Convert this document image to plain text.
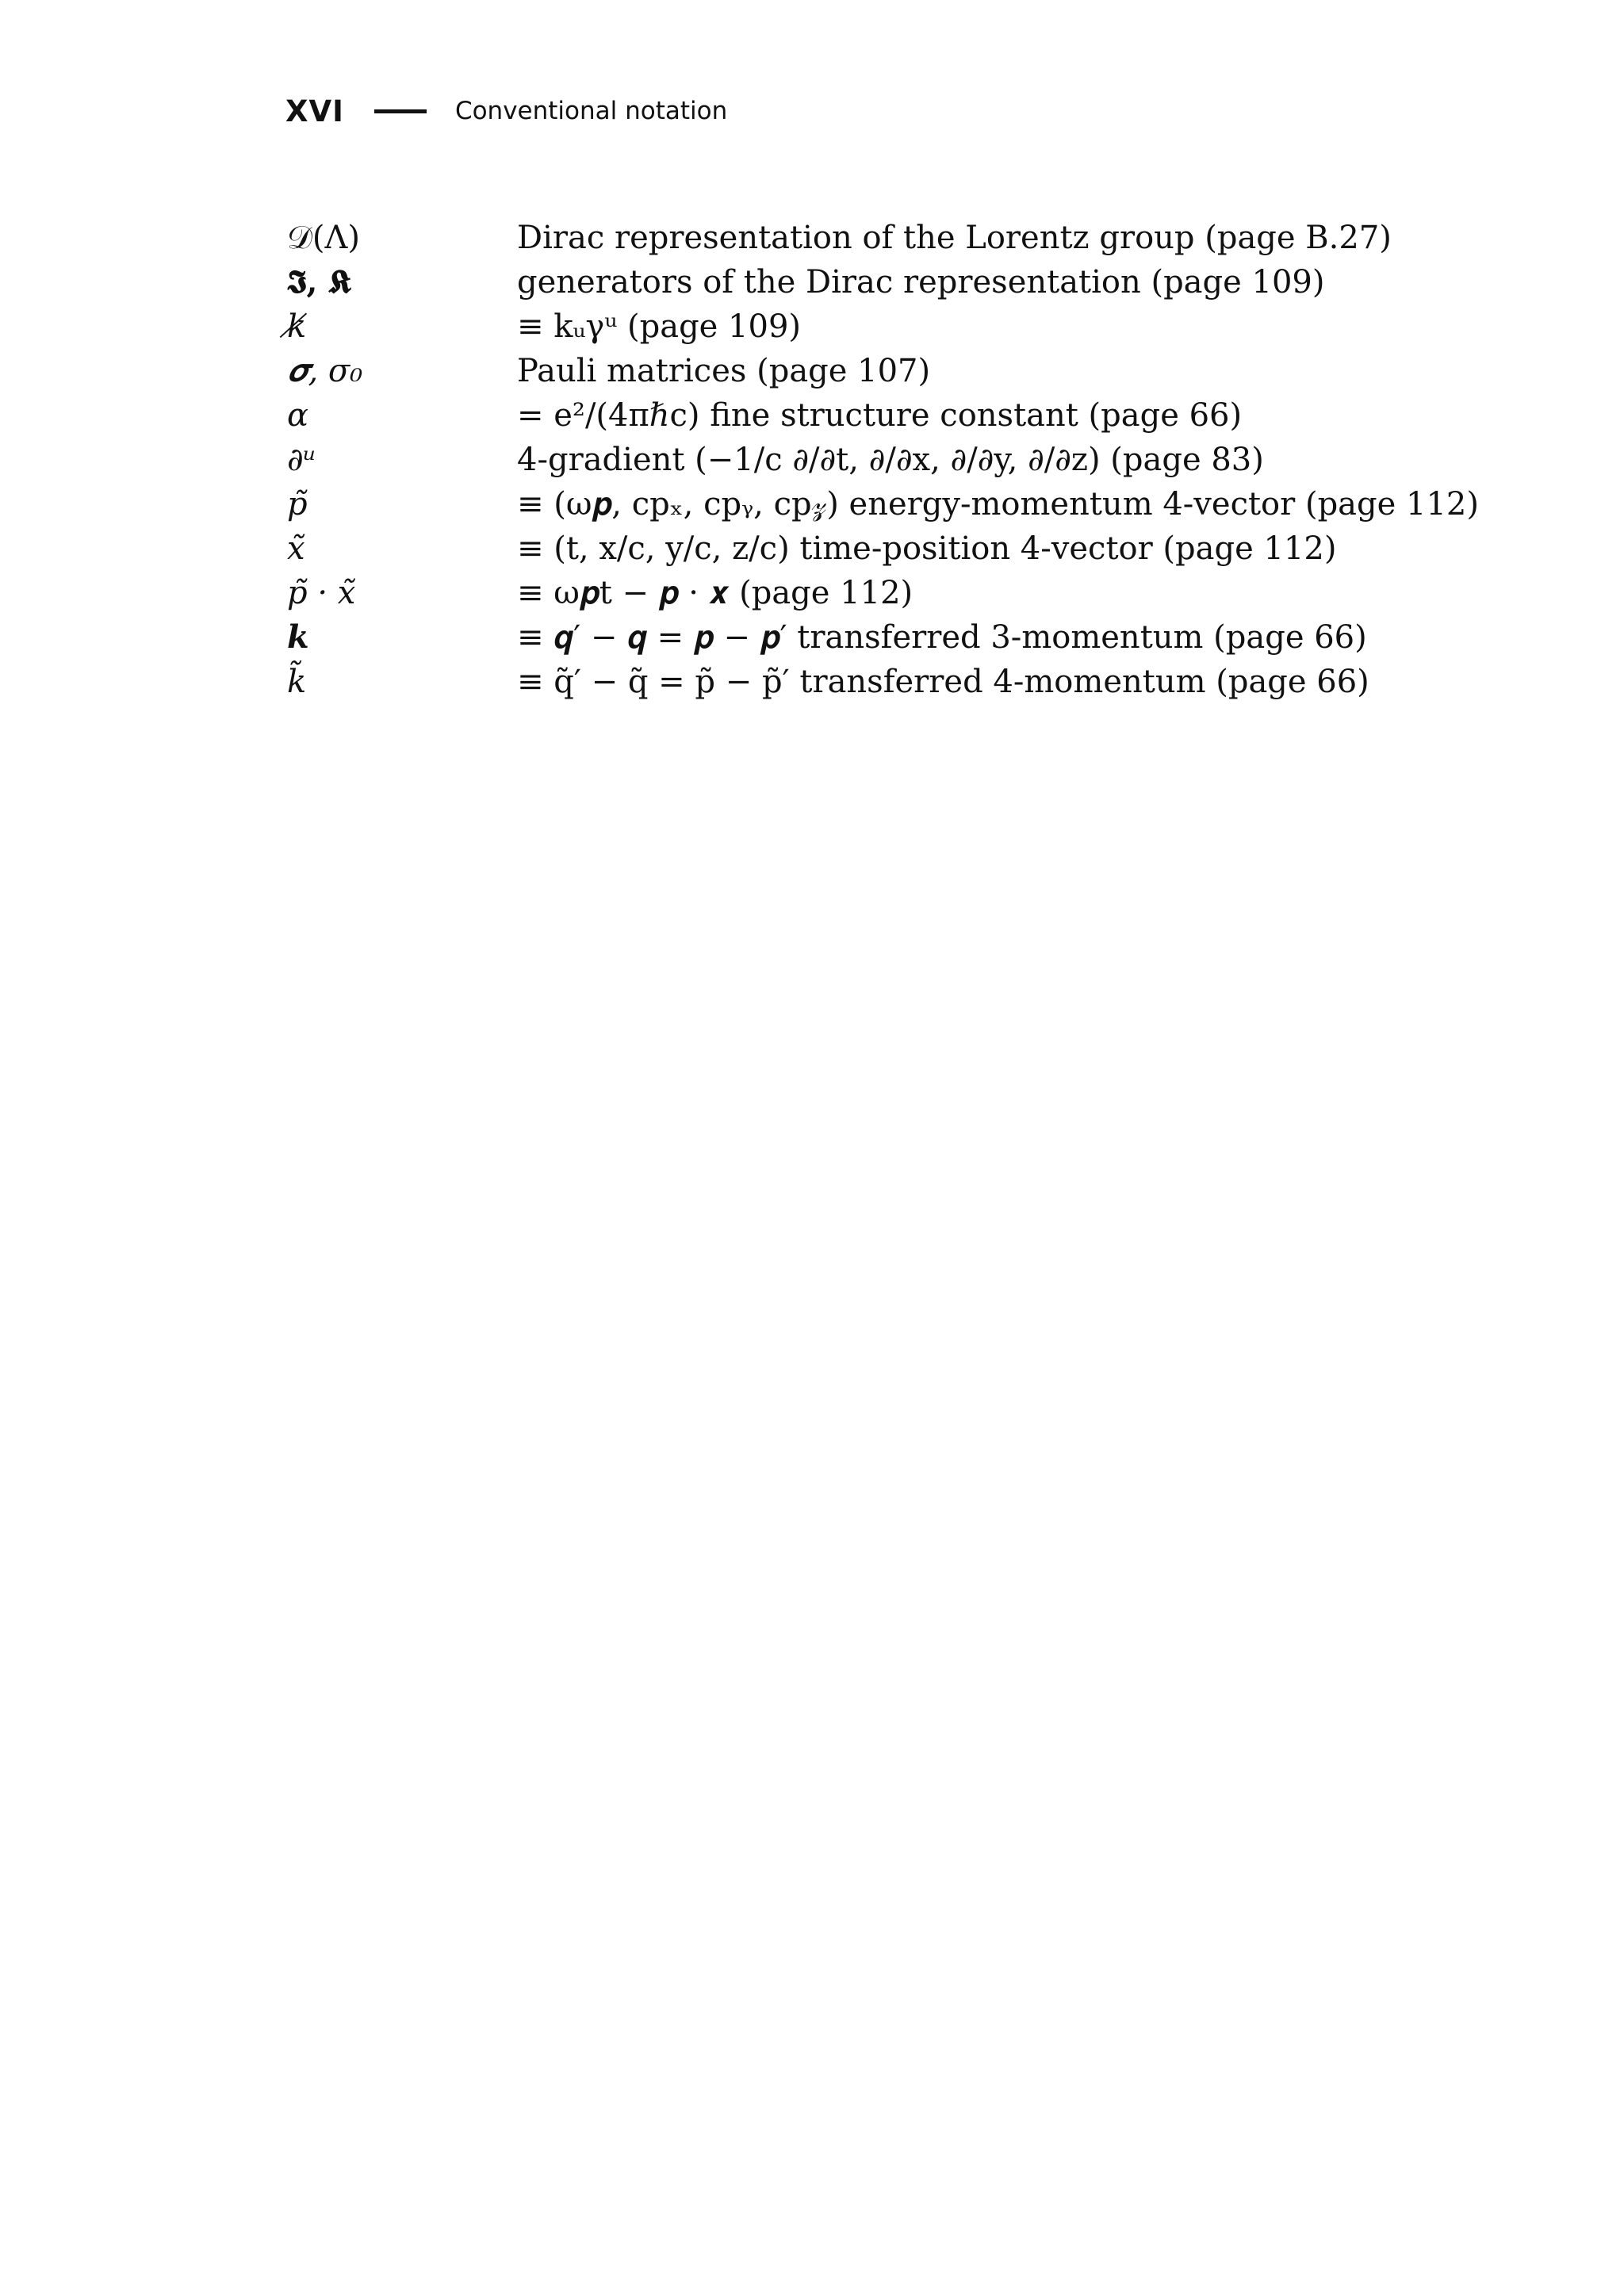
XVI	Conventional notation
𝒟(Λ)	Dirac representation of the Lorentz group (page B.27)
𝕴, 𝕶	generators of the Dirac representation (page 109)
k̸	≡ kᵤγᵘ (page 109)
𝝈, σ₀	Pauli matrices (page 107)
α	= e²/(4πℏc) fine structure constant (page 66)
∂ᵘ	4-gradient (−1/c ∂/∂t, ∂/∂x, ∂/∂y, ∂/∂z) (page 83)
p̃	≡ (ω𝒑, cpₓ, cpᵧ, cp𝓏) energy-momentum 4-vector (page 112)
x̃	≡ (t, x/c, y/c, z/c) time-position 4-vector (page 112)
p̃ · x̃	≡ ω𝒑t − 𝒑 · 𝒙 (page 112)
𝒌	≡ 𝒒′ − 𝒒 = 𝒑 − 𝒑′ transferred 3-momentum (page 66)
k̃	≡ q̃′ − q̃ = p̃ − p̃′ transferred 4-momentum (page 66)
